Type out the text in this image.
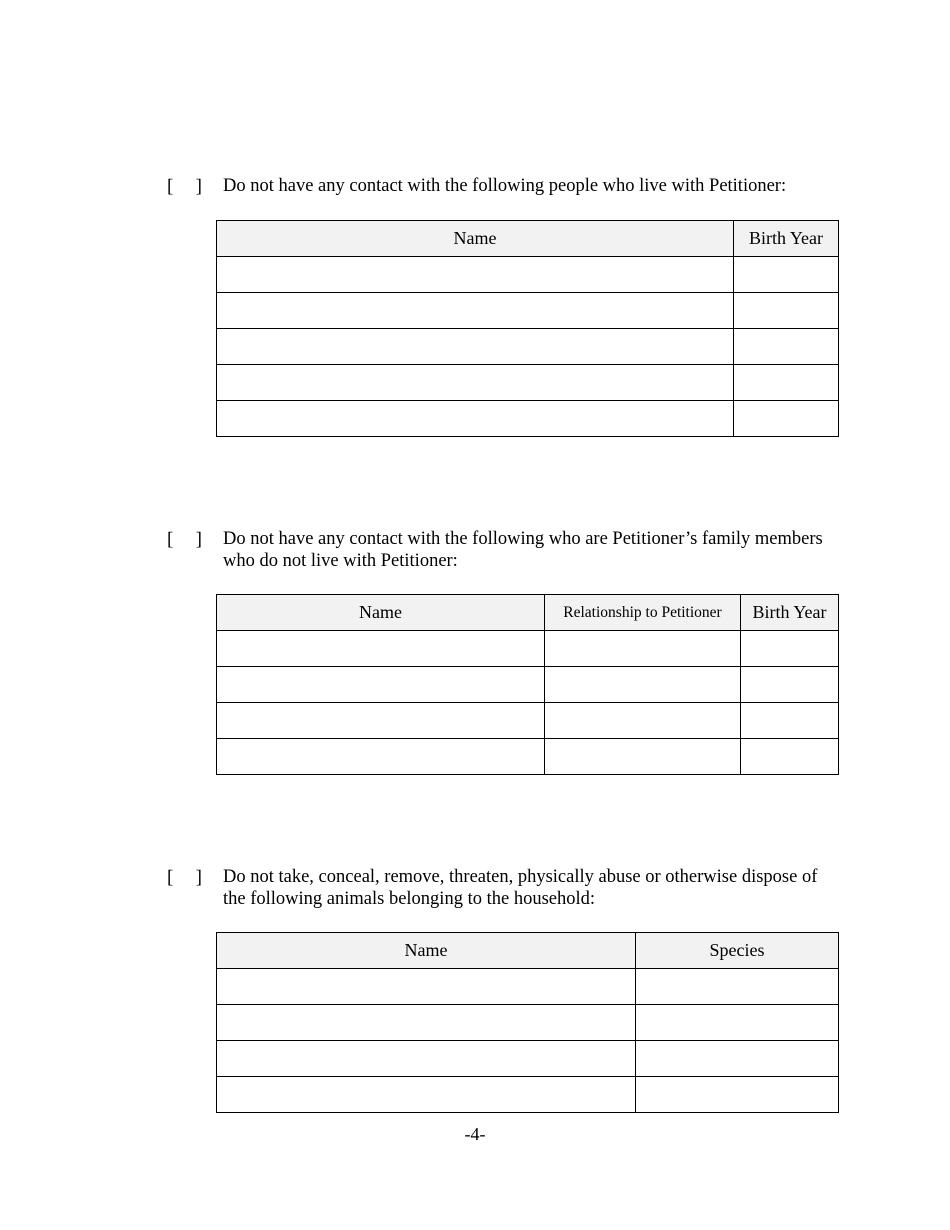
[   ] Do not have any contact with the following people who live with Petitioner:
Name	Birth Year

[   ] Do not have any contact with the following who are Petitioner’s family members who do not live with Petitioner:
Name	Relationship to Petitioner	Birth Year

[   ] Do not take, conceal, remove, threaten, physically abuse or otherwise dispose of the following animals belonging to the household:
Name	Species

-4-
